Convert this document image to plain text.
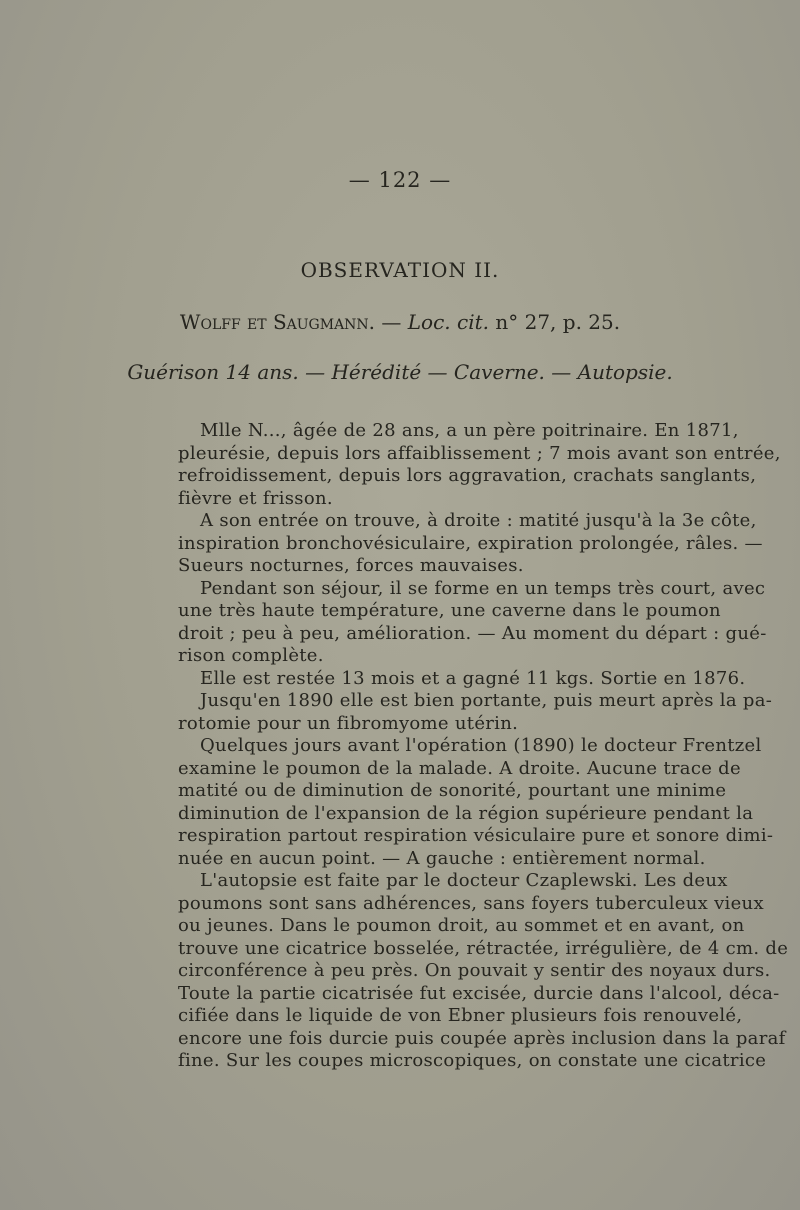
— 122 —
OBSERVATION II.
Wolff et Saugmann. — Loc. cit. n° 27, p. 25.
Guérison 14 ans. — Hérédité — Caverne. — Autopsie.
Mlle N..., âgée de 28 ans, a un père poitrinaire. En 1871,
pleurésie, depuis lors affaiblissement ; 7 mois avant son entrée,
refroidissement, depuis lors aggravation, crachats sanglants,
fièvre et frisson.
A son entrée on trouve, à droite : matité jusqu'à la 3e côte,
inspiration bronchovésiculaire, expiration prolongée, râles. —
Sueurs nocturnes, forces mauvaises.
Pendant son séjour, il se forme en un temps très court, avec
une très haute température, une caverne dans le poumon
droit ; peu à peu, amélioration. — Au moment du départ : gué-
rison complète.
Elle est restée 13 mois et a gagné 11 kgs. Sortie en 1876.
Jusqu'en 1890 elle est bien portante, puis meurt après la pa-
rotomie pour un fibromyome utérin.
Quelques jours avant l'opération (1890) le docteur Frentzel
examine le poumon de la malade. A droite. Aucune trace de
matité ou de diminution de sonorité, pourtant une minime
diminution de l'expansion de la région supérieure pendant la
respiration partout respiration vésiculaire pure et sonore dimi-
nuée en aucun point. — A gauche : entièrement normal.
L'autopsie est faite par le docteur Czaplewski. Les deux
poumons sont sans adhérences, sans foyers tuberculeux vieux
ou jeunes. Dans le poumon droit, au sommet et en avant, on
trouve une cicatrice bosselée, rétractée, irrégulière, de 4 cm. de
circonférence à peu près. On pouvait y sentir des noyaux durs.
Toute la partie cicatrisée fut excisée, durcie dans l'alcool, déca-
cifiée dans le liquide de von Ebner plusieurs fois renouvelé,
encore une fois durcie puis coupée après inclusion dans la paraf
fine. Sur les coupes microscopiques, on constate une cicatrice
